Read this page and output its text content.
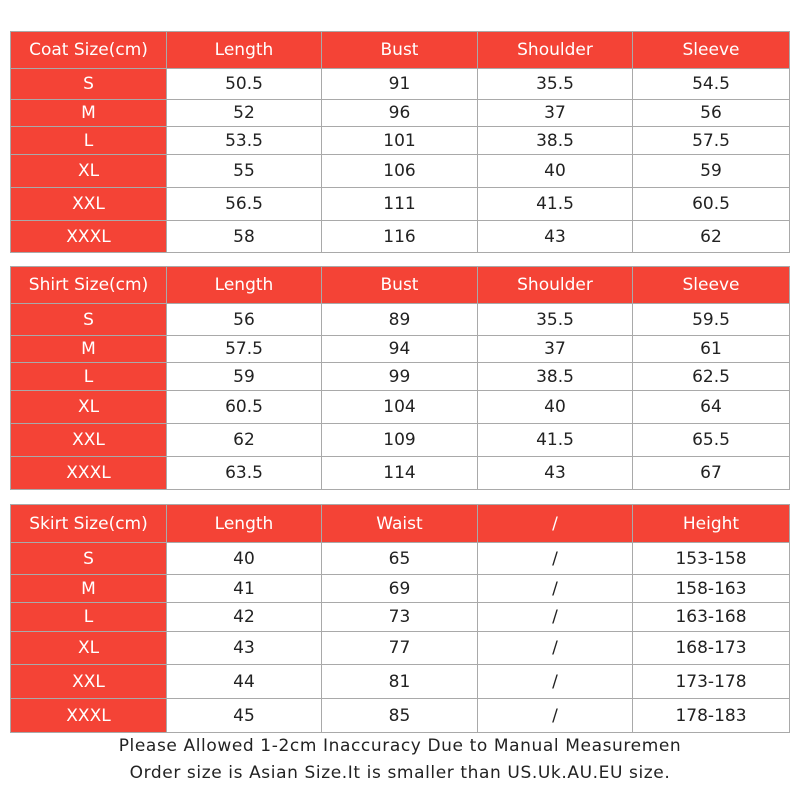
Coat Size(cm)	Length	Bust	Shoulder	Sleeve
S	50.5	91	35.5	54.5
M	52	96	37	56
L	53.5	101	38.5	57.5
XL	55	106	40	59
XXL	56.5	111	41.5	60.5
XXXL	58	116	43	62
Shirt Size(cm)	Length	Bust	Shoulder	Sleeve
S	56	89	35.5	59.5
M	57.5	94	37	61
L	59	99	38.5	62.5
XL	60.5	104	40	64
XXL	62	109	41.5	65.5
XXXL	63.5	114	43	67
Skirt Size(cm)	Length	Waist	/	Height
S	40	65	/	153-158
M	41	69	/	158-163
L	42	73	/	163-168
XL	43	77	/	168-173
XXL	44	81	/	173-178
XXXL	45	85	/	178-183
Please Allowed 1-2cm Inaccuracy Due to Manual Measuremen
Order size is Asian Size.It is smaller than US.Uk.AU.EU size.
